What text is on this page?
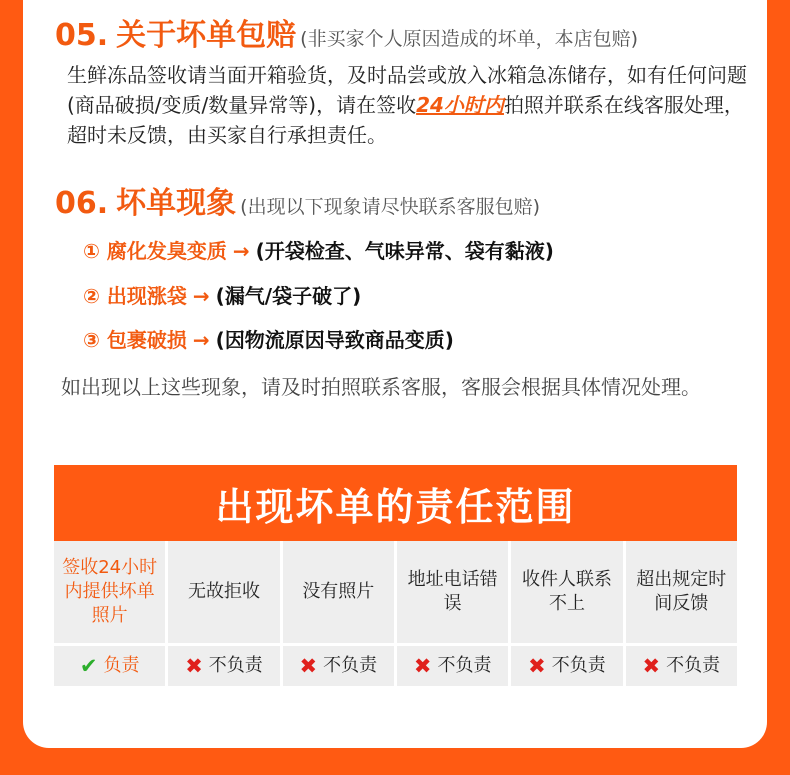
05. 关于坏单包赔 (非买家个人原因造成的坏单，本店包赔)
生鲜冻品签收请当面开箱验货，及时品尝或放入冰箱急冻储存，如有任何问题(商品破损/变质/数量异常等)，请在签收24小时内拍照并联系在线客服处理，超时未反馈，由买家自行承担责任。
06. 坏单现象 (出现以下现象请尽快联系客服包赔)
① 腐化发臭变质 → (开袋检查、气味异常、袋有黏液)
② 出现涨袋 → (漏气/袋子破了)
③ 包裹破损 → (因物流原因导致商品变质)
如出现以上这些现象，请及时拍照联系客服，客服会根据具体情况处理。
出现坏单的责任范围
签收24小时内提供坏单照片
无故拒收	没有照片
地址电话错误
收件人联系不上
超出规定时间反馈
✔ 负责 ✖ 不负责 ✖ 不负责 ✖ 不负责 ✖ 不负责 ✖ 不负责
